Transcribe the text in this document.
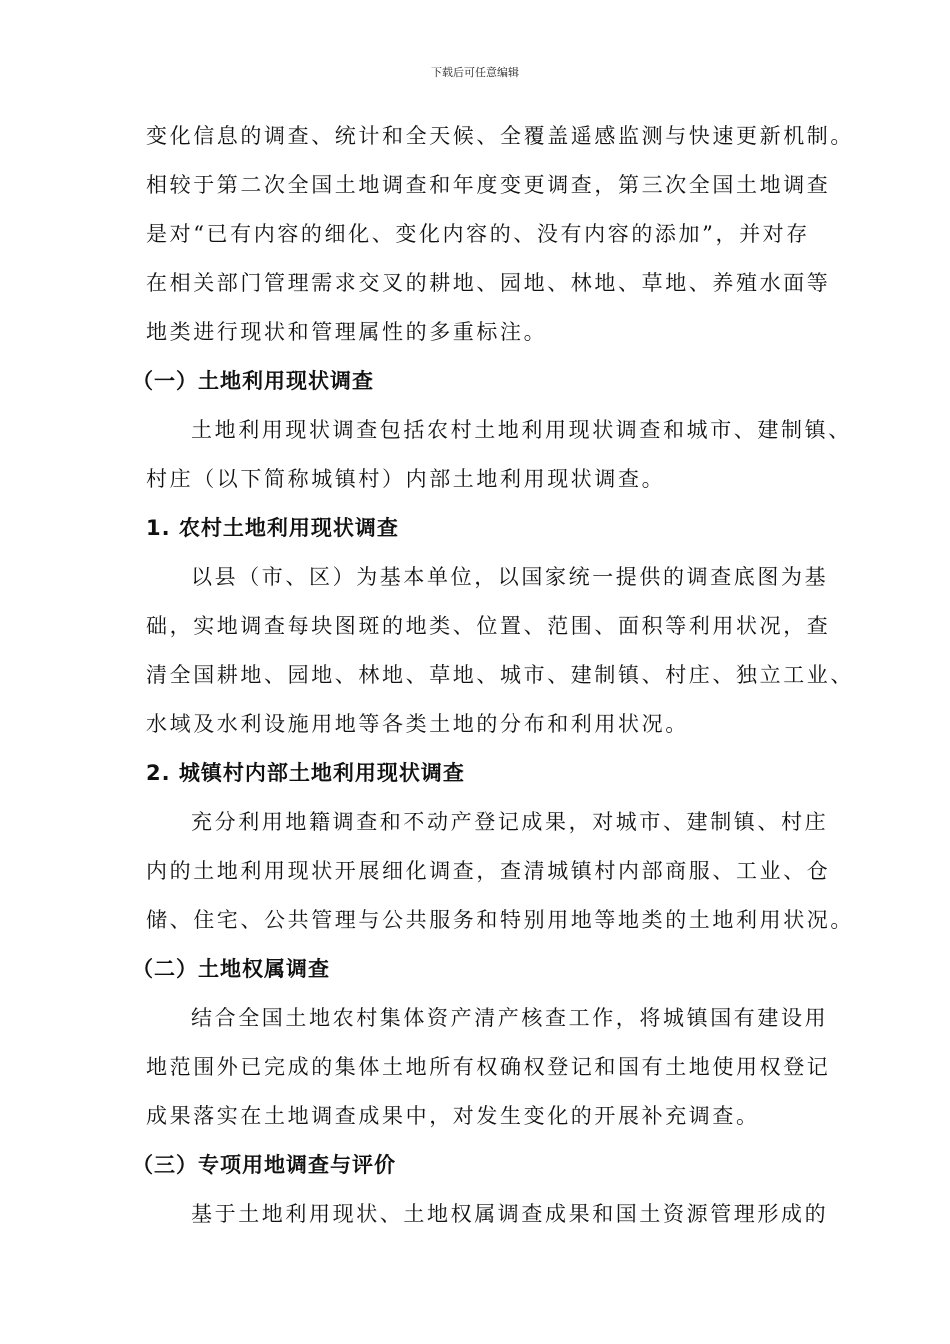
下载后可任意编辑
变化信息的调查、统计和全天候、全覆盖遥感监测与快速更新机制。
相较于第二次全国土地调查和年度变更调查，第三次全国土地调查
是对“已有内容的细化、变化内容的、没有内容的添加”，并对存
在相关部门管理需求交叉的耕地、园地、林地、草地、养殖水面等
地类进行现状和管理属性的多重标注。
（一）土地利用现状调查
土地利用现状调查包括农村土地利用现状调查和城市、建制镇、
村庄（以下简称城镇村）内部土地利用现状调查。
1. 农村土地利用现状调查
以县（市、区）为基本单位，以国家统一提供的调查底图为基
础，实地调查每块图斑的地类、位置、范围、面积等利用状况，查
清全国耕地、园地、林地、草地、城市、建制镇、村庄、独立工业、
水域及水利设施用地等各类土地的分布和利用状况。
2. 城镇村内部土地利用现状调查
充分利用地籍调查和不动产登记成果，对城市、建制镇、村庄
内的土地利用现状开展细化调查，查清城镇村内部商服、工业、仓
储、住宅、公共管理与公共服务和特别用地等地类的土地利用状况。
（二）土地权属调查
结合全国土地农村集体资产清产核查工作，将城镇国有建设用
地范围外已完成的集体土地所有权确权登记和国有土地使用权登记
成果落实在土地调查成果中，对发生变化的开展补充调查。
（三）专项用地调查与评价
基于土地利用现状、土地权属调查成果和国土资源管理形成的
